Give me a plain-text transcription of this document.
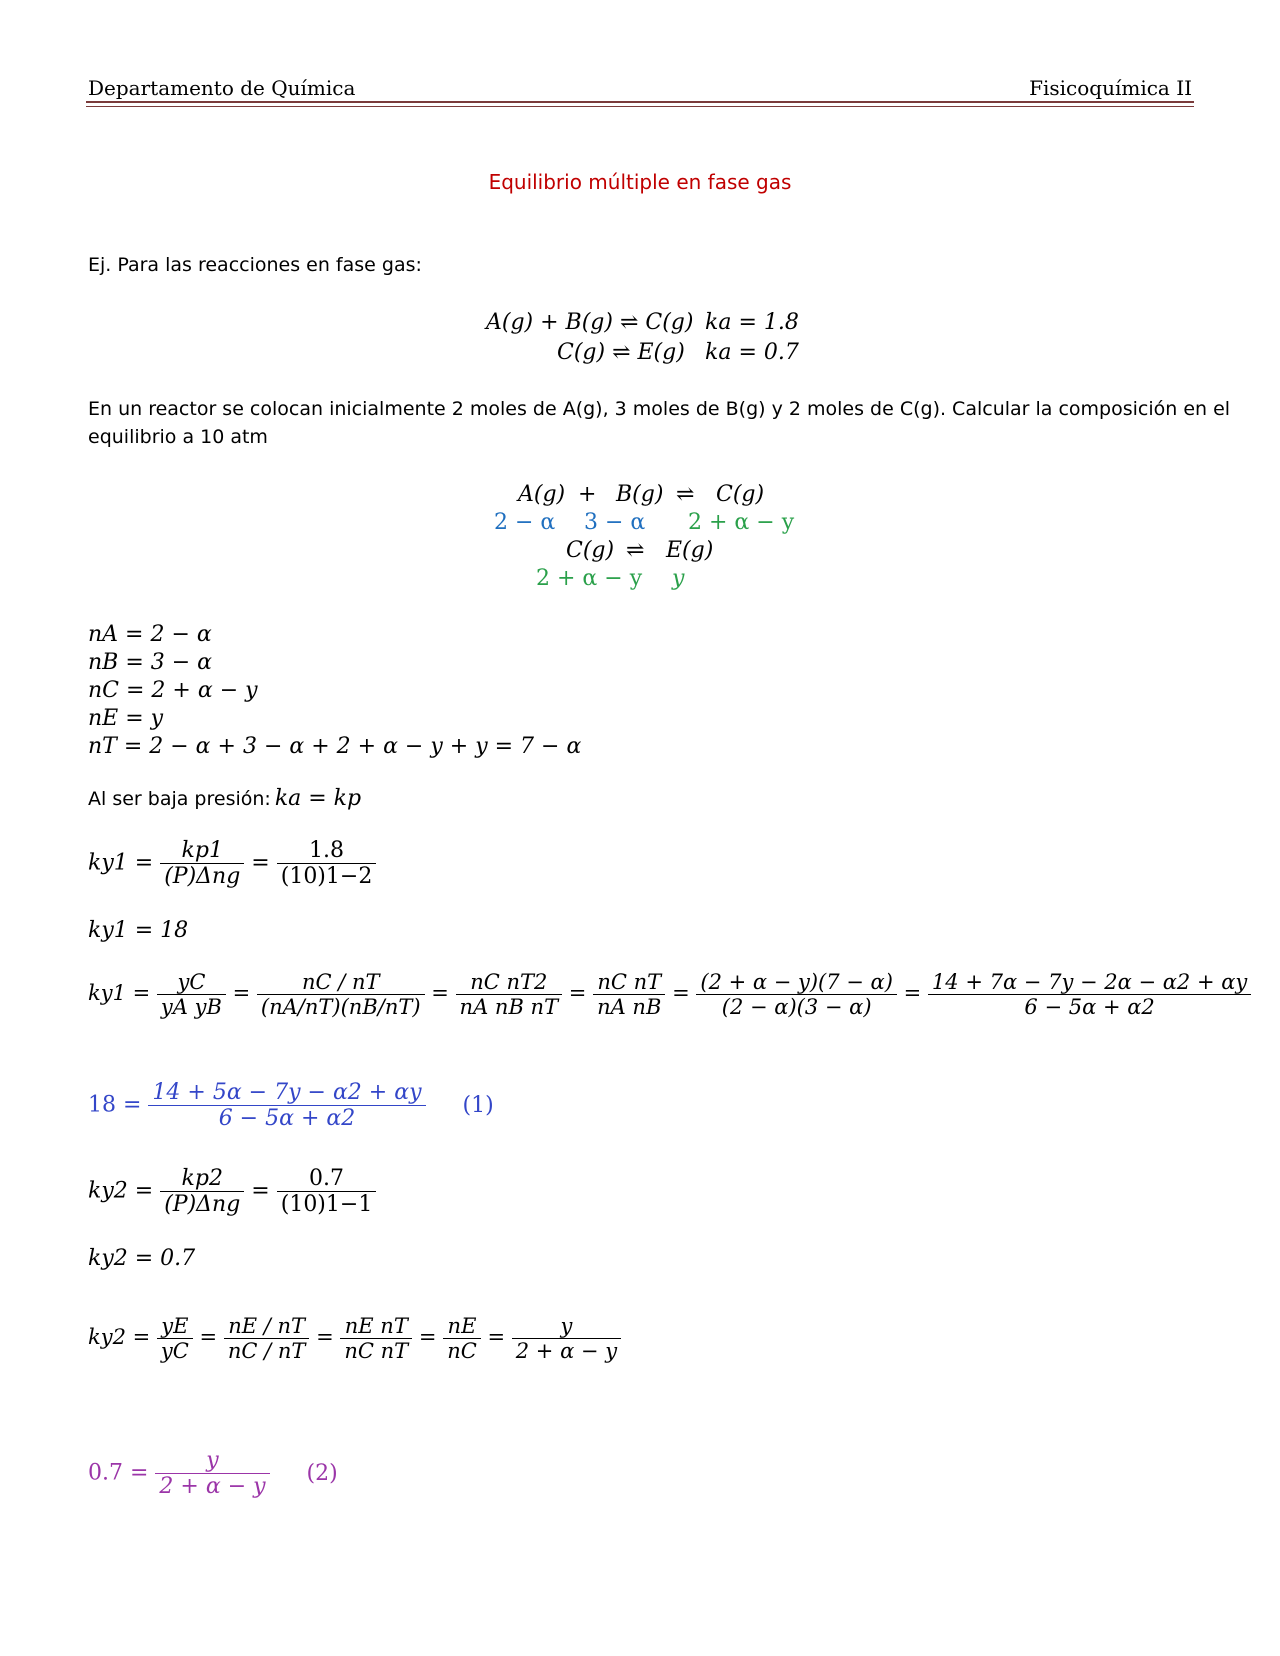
Departamento de Química	Fisicoquímica II
Equilibrio múltiple en fase gas
Ej. Para las reacciones en fase gas:
A(g) + B(g) ⇌ C(g) ka = 1.8
C(g) ⇌ E(g) ka = 0.7
En un reactor se colocan inicialmente 2 moles de A(g), 3 moles de B(g) y 2 moles de C(g). Calcular la composición en el
equilibrio a 10 atm
A(g) + B(g) ⇌ C(g)
2 − α 3 − α 2 + α − y
C(g) ⇌ E(g)
2 + α − y y
nA = 2 − α
nB = 3 − α
nC = 2 + α − y
nE = y
nT = 2 − α + 3 − α + 2 + α − y + y = 7 − α
Al ser baja presión: ka = kp
$ky1 = \frac{kp1}{\text{(P)Δng}} = \frac{1.8}{(10)1-2}$
ky1 = 18
$ky1 = \frac{yC}{\text{yA yB}} = \frac{nC / nT}{(nA/nT)(nB/nT)} = \frac{\text{nC nT2}}{\text{nA nB nT}} = \frac{\text{nC nT}}{\text{nA nB}} = \frac{(2 + \alpha - y)(7 - \alpha)}{(2 - \alpha)(3 - \alpha)} = \frac{14 + 7\alpha - 7y - 2\alpha - \alpha 2 + \alpha y}{6 - 5\alpha + \alpha 2}$
$18 = \frac{14 + 5\alpha - 7y - \alpha 2 + \alpha y}{6 - 5\alpha + \alpha 2} (1)$
$ky2 = \frac{kp2}{\text{(P)Δng}} = \frac{0.7}{(10)1-1}$
ky2 = 0.7
$ky2 = \frac{yE}{yC} = \frac{nE / nT}{nC / nT} = \frac{\text{nE nT}}{\text{nC nT}} = \frac{nE}{nC} = \frac{y}{2 + \alpha - y}$
$0.7 = \frac{y}{2 + \alpha - y} (2)$
